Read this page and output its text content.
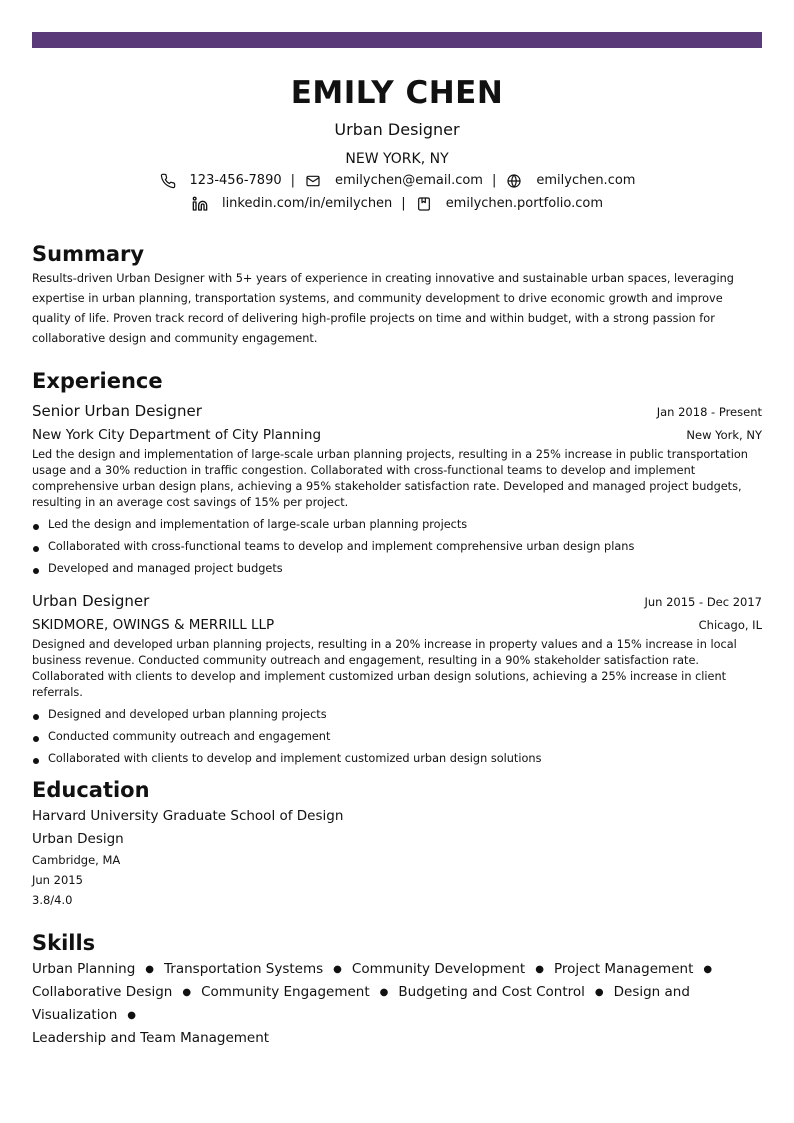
EMILY CHEN
Urban Designer
NEW YORK, NY
123-456-7890 |	emilychen@email.com |	emilychen.com
linkedin.com/in/emilychen |	emilychen.portfolio.com
Summary
Results-driven Urban Designer with 5+ years of experience in creating innovative and sustainable urban spaces, leveraging expertise in urban planning, transportation systems, and community development to drive economic growth and improve quality of life. Proven track record of delivering high-profile projects on time and within budget, with a strong passion for collaborative design and community engagement.
Experience
Senior Urban Designer	Jan 2018 - Present
New York City Department of City Planning	New York, NY
Led the design and implementation of large-scale urban planning projects, resulting in a 25% increase in public transportation usage and a 30% reduction in traffic congestion. Collaborated with cross-functional teams to develop and implement comprehensive urban design plans, achieving a 95% stakeholder satisfaction rate. Developed and managed project budgets, resulting in an average cost savings of 15% per project.
Led the design and implementation of large-scale urban planning projects
Collaborated with cross-functional teams to develop and implement comprehensive urban design plans
Developed and managed project budgets
Urban Designer	Jun 2015 - Dec 2017
SKIDMORE, OWINGS & MERRILL LLP	Chicago, IL
Designed and developed urban planning projects, resulting in a 20% increase in property values and a 15% increase in local business revenue. Conducted community outreach and engagement, resulting in a 90% stakeholder satisfaction rate. Collaborated with clients to develop and implement customized urban design solutions, achieving a 25% increase in client referrals.
Designed and developed urban planning projects
Conducted community outreach and engagement
Collaborated with clients to develop and implement customized urban design solutions
Education
Harvard University Graduate School of Design
Urban Design
Cambridge, MA
Jun 2015
3.8/4.0
Skills
Urban Planning ● Transportation Systems ● Community Development ● Project Management ●
Collaborative Design ● Community Engagement ● Budgeting and Cost Control ● Design and Visualization ●
Leadership and Team Management
